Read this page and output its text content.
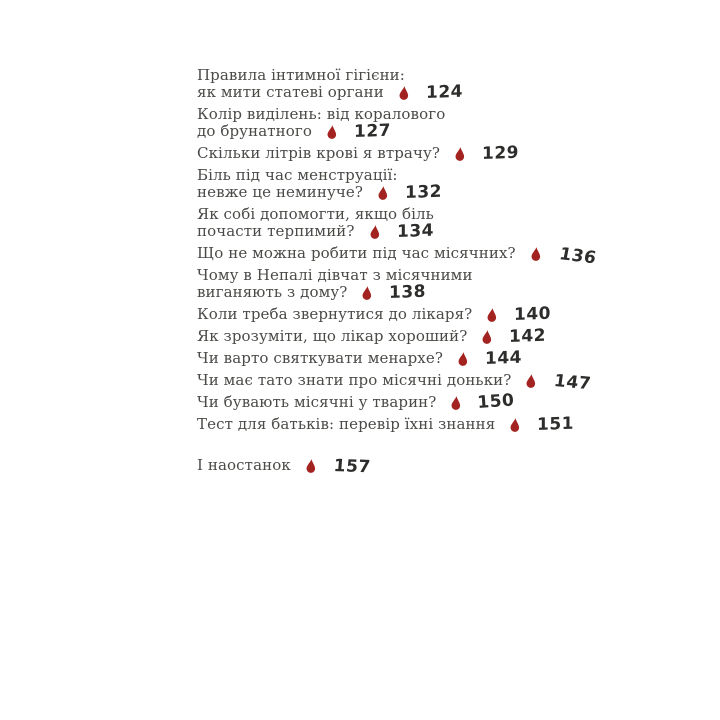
Правила інтимної гігієни:
як мити статеві органи 124
Колір виділень: від коралового
до брунатного 127
Скільки літрів крові я втрачу? 129
Біль під час менструації:
невже це неминуче? 132
Як собі допомогти, якщо біль
почасти терпимий? 134
Що не можна робити під час місячних? 136
Чому в Непалі дівчат з місячними
виганяють з дому? 138
Коли треба звернутися до лікаря? 140
Як зрозуміти, що лікар хороший? 142
Чи варто святкувати менархе? 144
Чи має тато знати про місячні доньки? 147
Чи бувають місячні у тварин? 150
Тест для батьків: перевір їхні знання 151
І наостанок 157
